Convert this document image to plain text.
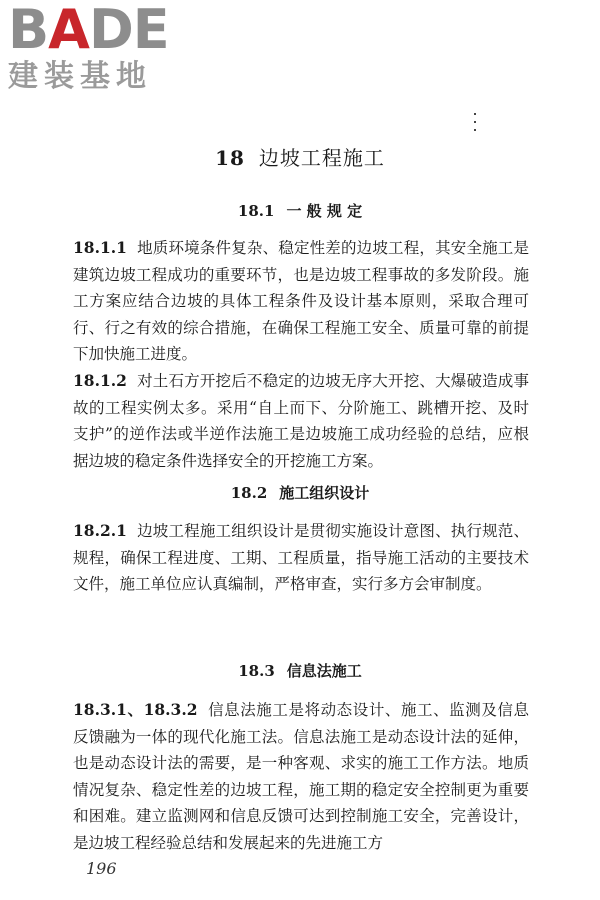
BADE
建装基地
18 边坡工程施工
18.1 一 般 规 定
18.1.1 地质环境条件复杂、稳定性差的边坡工程，其安全施工是建筑边坡工程成功的重要环节，也是边坡工程事故的多发阶段。施工方案应结合边坡的具体工程条件及设计基本原则，采取合理可行、行之有效的综合措施，在确保工程施工安全、质量可靠的前提下加快施工进度。
18.1.2 对土石方开挖后不稳定的边坡无序大开挖、大爆破造成事故的工程实例太多。采用“自上而下、分阶施工、跳槽开挖、及时支护”的逆作法或半逆作法施工是边坡施工成功经验的总结，应根据边坡的稳定条件选择安全的开挖施工方案。
18.2 施工组织设计
18.2.1 边坡工程施工组织设计是贯彻实施设计意图、执行规范、规程，确保工程进度、工期、工程质量，指导施工活动的主要技术文件，施工单位应认真编制，严格审查，实行多方会审制度。
18.3 信息法施工
18.3.1、18.3.2 信息法施工是将动态设计、施工、监测及信息反馈融为一体的现代化施工法。信息法施工是动态设计法的延伸，也是动态设计法的需要，是一种客观、求实的施工工作方法。地质情况复杂、稳定性差的边坡工程，施工期的稳定安全控制更为重要和困难。建立监测网和信息反馈可达到控制施工安全，完善设计，是边坡工程经验总结和发展起来的先进施工方
196
